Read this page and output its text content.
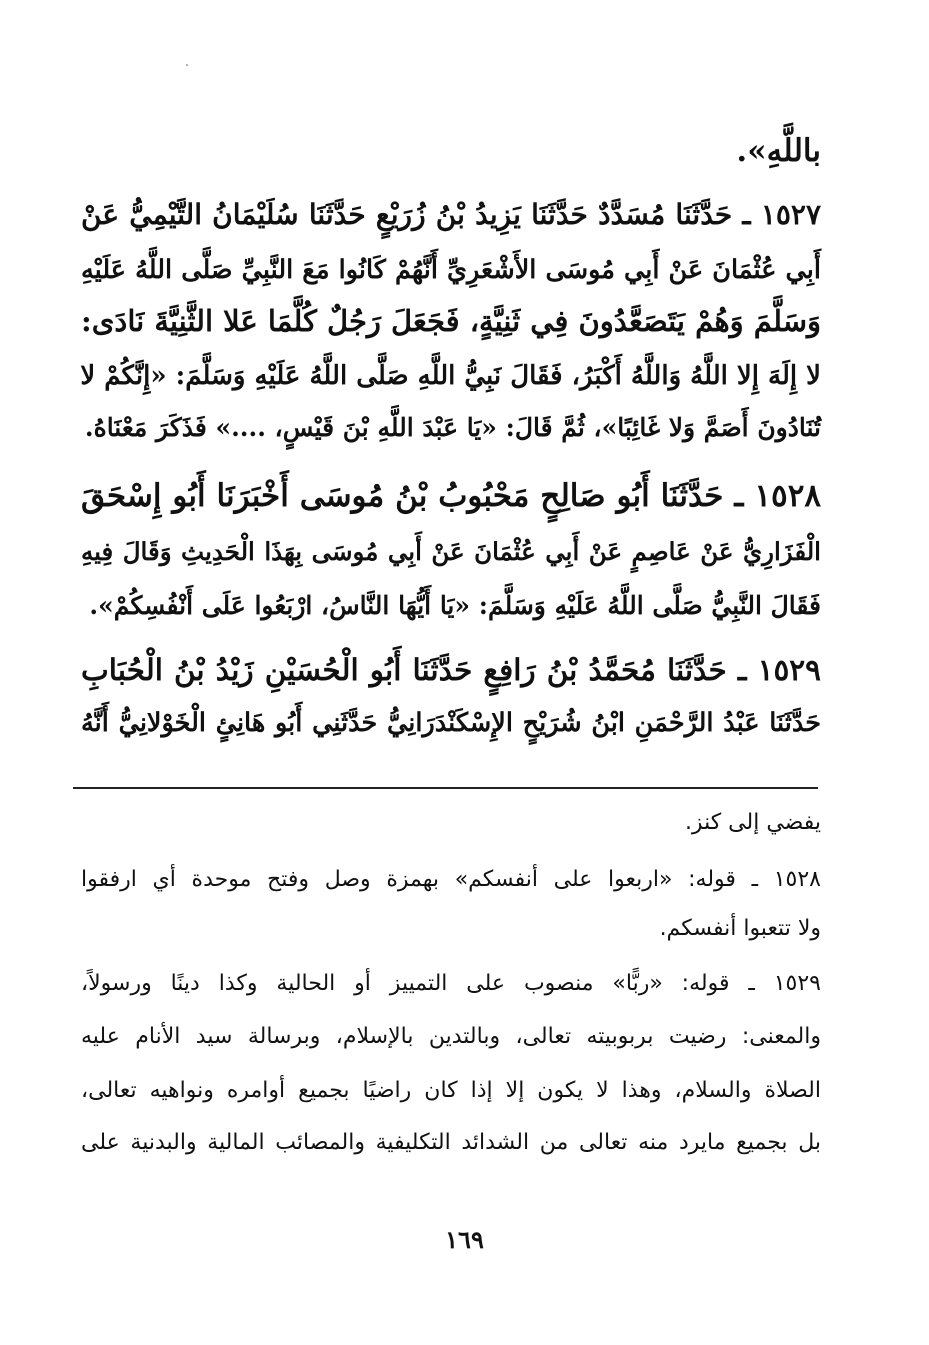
باللَّهِ».
١٥٢٧ ـ حَدَّثَنَا مُسَدَّدٌ حَدَّثَنَا يَزِيدُ بْنُ زُرَيْعٍ حَدَّثَنَا سُلَيْمَانُ التَّيْمِيُّ عَنْ
أَبِي عُثْمَانَ عَنْ أَبِي مُوسَى الأَشْعَرِيِّ أَنَّهُمْ كَانُوا مَعَ النَّبِيِّ صَلَّى اللَّهُ عَلَيْهِ
وَسَلَّمَ وَهُمْ يَتَصَعَّدُونَ فِي ثَنِيَّةٍ، فَجَعَلَ رَجُلٌ كُلَّمَا عَلا الثَّنِيَّةَ نَادَى:
لا إِلَهَ إِلا اللَّهُ وَاللَّهُ أَكْبَرُ، فَقَالَ نَبِيُّ اللَّهِ صَلَّى اللَّهُ عَلَيْهِ وَسَلَّمَ: «إِنَّكُمْ لا
تُنَادُونَ أَصَمَّ وَلا غَائِبًا»، ثُمَّ قَالَ: «يَا عَبْدَ اللَّهِ بْنَ قَيْسٍ، ....» فَذَكَرَ مَعْنَاهُ.
١٥٢٨ ـ حَدَّثَنَا أَبُو صَالِحٍ مَحْبُوبُ بْنُ مُوسَى أَخْبَرَنَا أَبُو إِسْحَقَ
الْفَزَارِيُّ عَنْ عَاصِمٍ عَنْ أَبِي عُثْمَانَ عَنْ أَبِي مُوسَى بِهَذَا الْحَدِيثِ وَقَالَ فِيهِ
فَقَالَ النَّبِيُّ صَلَّى اللَّهُ عَلَيْهِ وَسَلَّمَ: «يَا أَيُّهَا النَّاسُ، ارْبَعُوا عَلَى أَنْفُسِكُمْ».
١٥٢٩ ـ حَدَّثَنَا مُحَمَّدُ بْنُ رَافِعٍ حَدَّثَنَا أَبُو الْحُسَيْنِ زَيْدُ بْنُ الْحُبَابِ
حَدَّثَنَا عَبْدُ الرَّحْمَنِ ابْنُ شُرَيْحٍ الإِسْكَنْدَرَانِيُّ حَدَّثَنِي أَبُو هَانِئٍ الْخَوْلانِيُّ أَنَّهُ
يفضي إلى كنز.
١٥٢٨ ـ قوله: «اربعوا على أنفسكم» بهمزة وصل وفتح موحدة أي ارفقوا
ولا تتعبوا أنفسكم.
١٥٢٩ ـ قوله: «ربًّا» منصوب على التمييز أو الحالية وكذا دينًا ورسولاً،
والمعنى: رضيت بربوبيته تعالى، وبالتدين بالإسلام، وبرسالة سيد الأنام عليه
الصلاة والسلام، وهذا لا يكون إلا إذا كان راضيًا بجميع أوامره ونواهيه تعالى،
بل بجميع مايرد منه تعالى من الشدائد التكليفية والمصائب المالية والبدنية على
١٦٩
